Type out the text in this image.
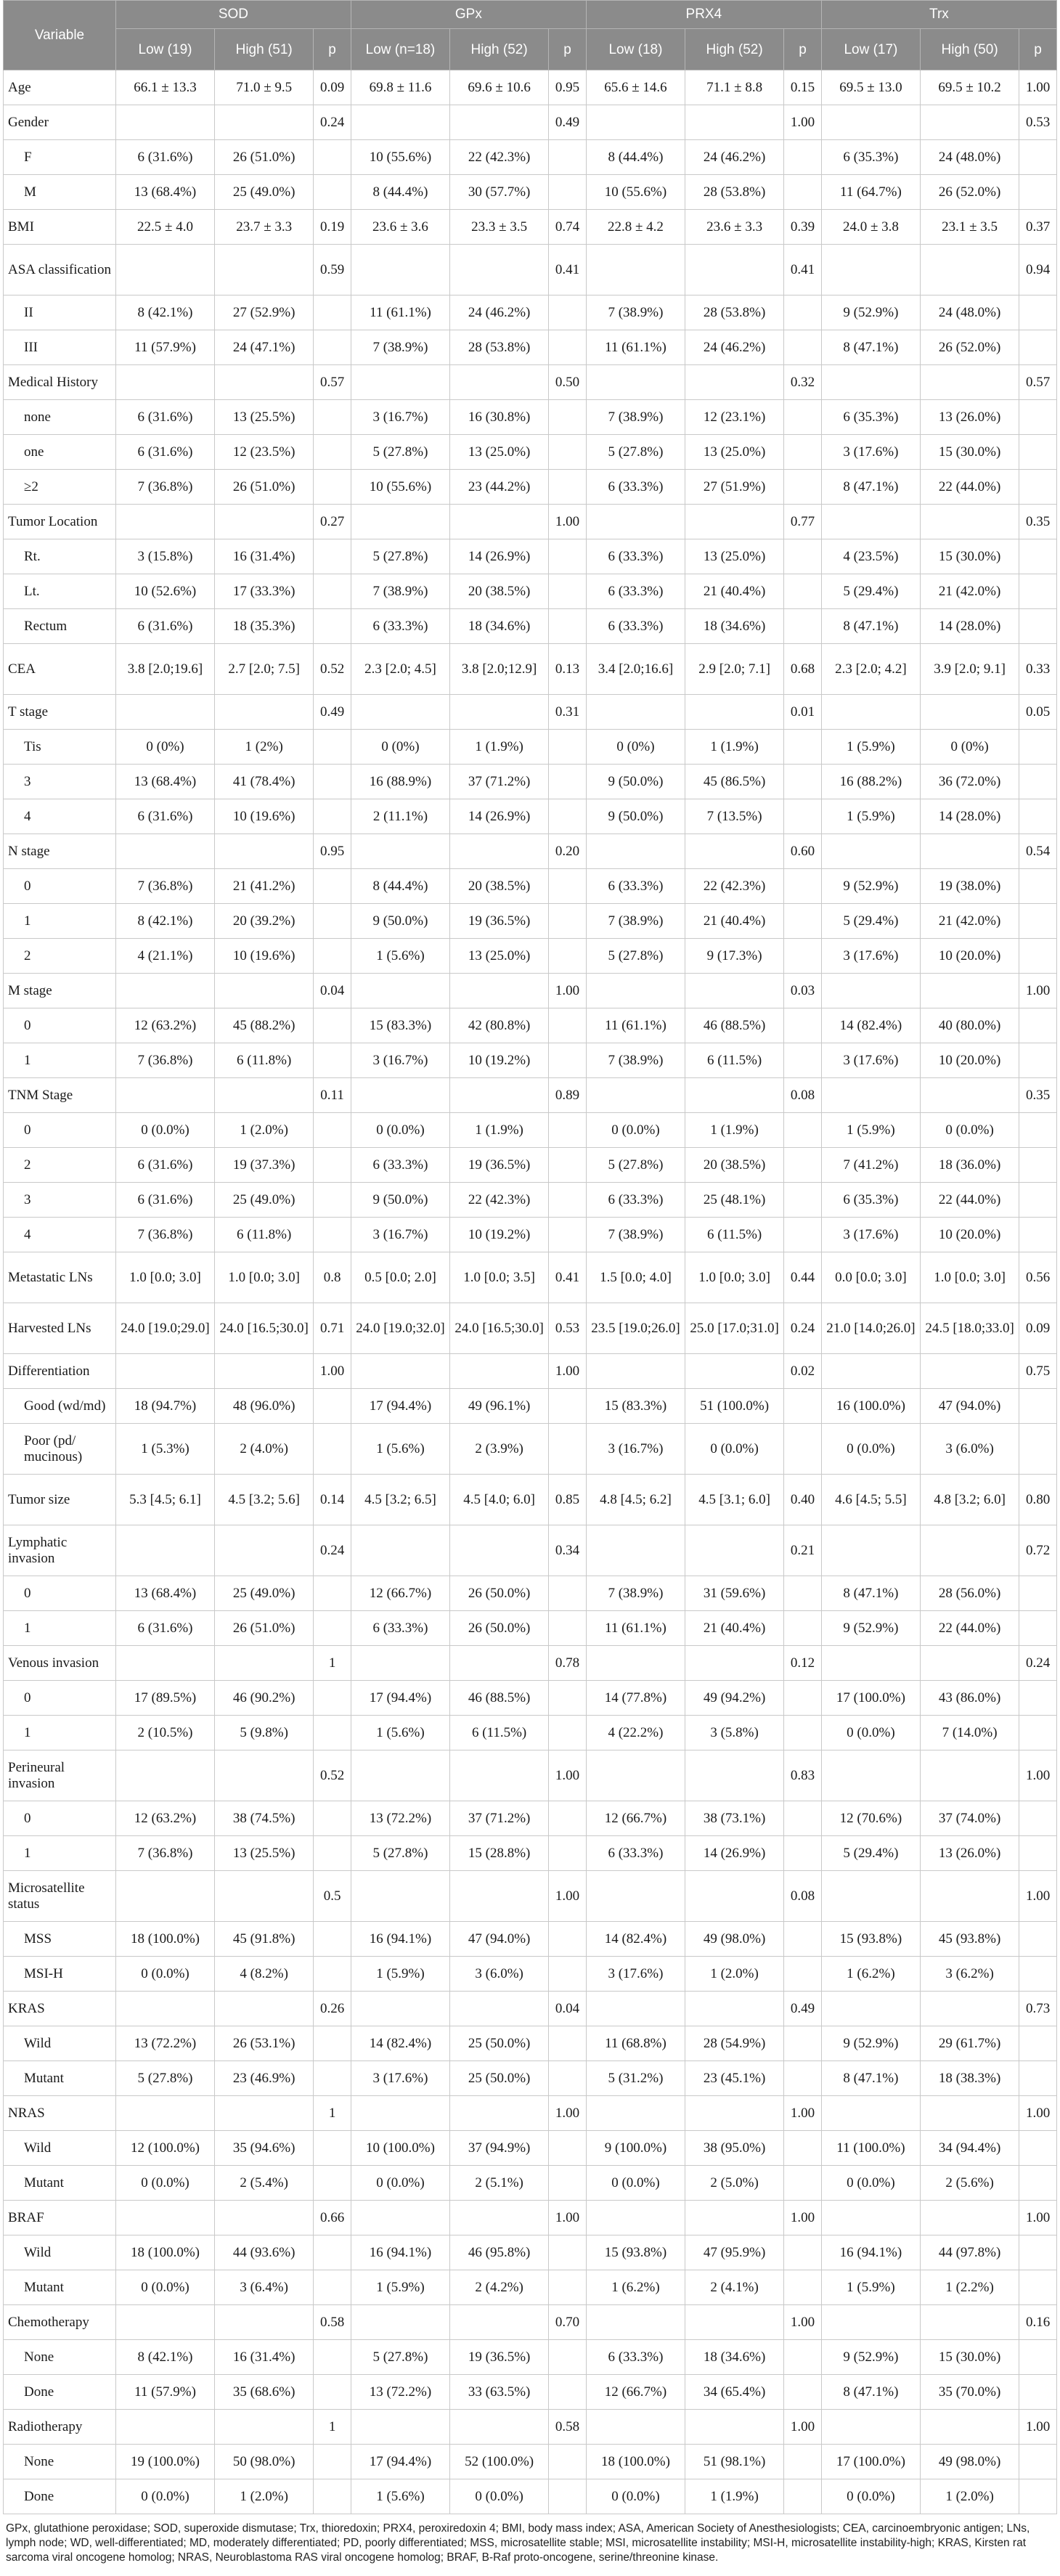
Variable	SOD			GPx			PRX4			Trx		
	Low (19)	High (51)	p	Low (n=18)	High (52)	p	Low (18)	High (52)	p	Low (17)	High (50)	p
Age	66.1 ± 13.3	71.0 ± 9.5	0.09	69.8 ± 11.6	69.6 ± 10.6	0.95	65.6 ± 14.6	71.1 ± 8.8	0.15	69.5 ± 13.0	69.5 ± 10.2	1.00
Gender			0.24			0.49			1.00			0.53
F	6 (31.6%)	26 (51.0%)		10 (55.6%)	22 (42.3%)		8 (44.4%)	24 (46.2%)		6 (35.3%)	24 (48.0%)	
M	13 (68.4%)	25 (49.0%)		8 (44.4%)	30 (57.7%)		10 (55.6%)	28 (53.8%)		11 (64.7%)	26 (52.0%)	
BMI	22.5 ± 4.0	23.7 ± 3.3	0.19	23.6 ± 3.6	23.3 ± 3.5	0.74	22.8 ± 4.2	23.6 ± 3.3	0.39	24.0 ± 3.8	23.1 ± 3.5	0.37
ASA classification			0.59			0.41			0.41			0.94
II	8 (42.1%)	27 (52.9%)		11 (61.1%)	24 (46.2%)		7 (38.9%)	28 (53.8%)		9 (52.9%)	24 (48.0%)	
III	11 (57.9%)	24 (47.1%)		7 (38.9%)	28 (53.8%)		11 (61.1%)	24 (46.2%)		8 (47.1%)	26 (52.0%)	
Medical History			0.57			0.50			0.32			0.57
none	6 (31.6%)	13 (25.5%)		3 (16.7%)	16 (30.8%)		7 (38.9%)	12 (23.1%)		6 (35.3%)	13 (26.0%)	
one	6 (31.6%)	12 (23.5%)		5 (27.8%)	13 (25.0%)		5 (27.8%)	13 (25.0%)		3 (17.6%)	15 (30.0%)	
≥2	7 (36.8%)	26 (51.0%)		10 (55.6%)	23 (44.2%)		6 (33.3%)	27 (51.9%)		8 (47.1%)	22 (44.0%)	
Tumor Location			0.27			1.00			0.77			0.35
Rt.	3 (15.8%)	16 (31.4%)		5 (27.8%)	14 (26.9%)		6 (33.3%)	13 (25.0%)		4 (23.5%)	15 (30.0%)	
Lt.	10 (52.6%)	17 (33.3%)		7 (38.9%)	20 (38.5%)		6 (33.3%)	21 (40.4%)		5 (29.4%)	21 (42.0%)	
Rectum	6 (31.6%)	18 (35.3%)		6 (33.3%)	18 (34.6%)		6 (33.3%)	18 (34.6%)		8 (47.1%)	14 (28.0%)	
CEA	3.8 [2.0;19.6]	2.7 [2.0; 7.5]	0.52	2.3 [2.0; 4.5]	3.8 [2.0;12.9]	0.13	3.4 [2.0;16.6]	2.9 [2.0; 7.1]	0.68	2.3 [2.0; 4.2]	3.9 [2.0; 9.1]	0.33
T stage			0.49			0.31			0.01			0.05
Tis	0 (0%)	1 (2%)		0 (0%)	1 (1.9%)		0 (0%)	1 (1.9%)		1 (5.9%)	0 (0%)	
3	13 (68.4%)	41 (78.4%)		16 (88.9%)	37 (71.2%)		9 (50.0%)	45 (86.5%)		16 (88.2%)	36 (72.0%)	
4	6 (31.6%)	10 (19.6%)		2 (11.1%)	14 (26.9%)		9 (50.0%)	7 (13.5%)		1 (5.9%)	14 (28.0%)	
N stage			0.95			0.20			0.60			0.54
0	7 (36.8%)	21 (41.2%)		8 (44.4%)	20 (38.5%)		6 (33.3%)	22 (42.3%)		9 (52.9%)	19 (38.0%)	
1	8 (42.1%)	20 (39.2%)		9 (50.0%)	19 (36.5%)		7 (38.9%)	21 (40.4%)		5 (29.4%)	21 (42.0%)	
2	4 (21.1%)	10 (19.6%)		1 (5.6%)	13 (25.0%)		5 (27.8%)	9 (17.3%)		3 (17.6%)	10 (20.0%)	
M stage			0.04			1.00			0.03			1.00
0	12 (63.2%)	45 (88.2%)		15 (83.3%)	42 (80.8%)		11 (61.1%)	46 (88.5%)		14 (82.4%)	40 (80.0%)	
1	7 (36.8%)	6 (11.8%)		3 (16.7%)	10 (19.2%)		7 (38.9%)	6 (11.5%)		3 (17.6%)	10 (20.0%)	
TNM Stage			0.11			0.89			0.08			0.35
0	0 (0.0%)	1 (2.0%)		0 (0.0%)	1 (1.9%)		0 (0.0%)	1 (1.9%)		1 (5.9%)	0 (0.0%)	
2	6 (31.6%)	19 (37.3%)		6 (33.3%)	19 (36.5%)		5 (27.8%)	20 (38.5%)		7 (41.2%)	18 (36.0%)	
3	6 (31.6%)	25 (49.0%)		9 (50.0%)	22 (42.3%)		6 (33.3%)	25 (48.1%)		6 (35.3%)	22 (44.0%)	
4	7 (36.8%)	6 (11.8%)		3 (16.7%)	10 (19.2%)		7 (38.9%)	6 (11.5%)		3 (17.6%)	10 (20.0%)	
Metastatic LNs	1.0 [0.0; 3.0]	1.0 [0.0; 3.0]	0.8	0.5 [0.0; 2.0]	1.0 [0.0; 3.5]	0.41	1.5 [0.0; 4.0]	1.0 [0.0; 3.0]	0.44	0.0 [0.0; 3.0]	1.0 [0.0; 3.0]	0.56
Harvested LNs	24.0 [19.0;29.0]	24.0 [16.5;30.0]	0.71	24.0 [19.0;32.0]	24.0 [16.5;30.0]	0.53	23.5 [19.0;26.0]	25.0 [17.0;31.0]	0.24	21.0 [14.0;26.0]	24.5 [18.0;33.0]	0.09
Differentiation			1.00			1.00			0.02			0.75
Good (wd/md)	18 (94.7%)	48 (96.0%)		17 (94.4%)	49 (96.1%)		15 (83.3%)	51 (100.0%)		16 (100.0%)	47 (94.0%)	
Poor (pd/ mucinous)	1 (5.3%)	2 (4.0%)		1 (5.6%)	2 (3.9%)		3 (16.7%)	0 (0.0%)		0 (0.0%)	3 (6.0%)	
Tumor size	5.3 [4.5; 6.1]	4.5 [3.2; 5.6]	0.14	4.5 [3.2; 6.5]	4.5 [4.0; 6.0]	0.85	4.8 [4.5; 6.2]	4.5 [3.1; 6.0]	0.40	4.6 [4.5; 5.5]	4.8 [3.2; 6.0]	0.80
Lymphatic invasion			0.24			0.34			0.21			0.72
0	13 (68.4%)	25 (49.0%)		12 (66.7%)	26 (50.0%)		7 (38.9%)	31 (59.6%)		8 (47.1%)	28 (56.0%)	
1	6 (31.6%)	26 (51.0%)		6 (33.3%)	26 (50.0%)		11 (61.1%)	21 (40.4%)		9 (52.9%)	22 (44.0%)	
Venous invasion			1			0.78			0.12			0.24
0	17 (89.5%)	46 (90.2%)		17 (94.4%)	46 (88.5%)		14 (77.8%)	49 (94.2%)		17 (100.0%)	43 (86.0%)	
1	2 (10.5%)	5 (9.8%)		1 (5.6%)	6 (11.5%)		4 (22.2%)	3 (5.8%)		0 (0.0%)	7 (14.0%)	
Perineural invasion			0.52			1.00			0.83			1.00
0	12 (63.2%)	38 (74.5%)		13 (72.2%)	37 (71.2%)		12 (66.7%)	38 (73.1%)		12 (70.6%)	37 (74.0%)	
1	7 (36.8%)	13 (25.5%)		5 (27.8%)	15 (28.8%)		6 (33.3%)	14 (26.9%)		5 (29.4%)	13 (26.0%)	
Microsatellite status			0.5			1.00			0.08			1.00
MSS	18 (100.0%)	45 (91.8%)		16 (94.1%)	47 (94.0%)		14 (82.4%)	49 (98.0%)		15 (93.8%)	45 (93.8%)	
MSI-H	0 (0.0%)	4 (8.2%)		1 (5.9%)	3 (6.0%)		3 (17.6%)	1 (2.0%)		1 (6.2%)	3 (6.2%)	
KRAS			0.26			0.04			0.49			0.73
Wild	13 (72.2%)	26 (53.1%)		14 (82.4%)	25 (50.0%)		11 (68.8%)	28 (54.9%)		9 (52.9%)	29 (61.7%)	
Mutant	5 (27.8%)	23 (46.9%)		3 (17.6%)	25 (50.0%)		5 (31.2%)	23 (45.1%)		8 (47.1%)	18 (38.3%)	
NRAS			1			1.00			1.00			1.00
Wild	12 (100.0%)	35 (94.6%)		10 (100.0%)	37 (94.9%)		9 (100.0%)	38 (95.0%)		11 (100.0%)	34 (94.4%)	
Mutant	0 (0.0%)	2 (5.4%)		0 (0.0%)	2 (5.1%)		0 (0.0%)	2 (5.0%)		0 (0.0%)	2 (5.6%)	
BRAF			0.66			1.00			1.00			1.00
Wild	18 (100.0%)	44 (93.6%)		16 (94.1%)	46 (95.8%)		15 (93.8%)	47 (95.9%)		16 (94.1%)	44 (97.8%)	
Mutant	0 (0.0%)	3 (6.4%)		1 (5.9%)	2 (4.2%)		1 (6.2%)	2 (4.1%)		1 (5.9%)	1 (2.2%)	
Chemotherapy			0.58			0.70			1.00			0.16
None	8 (42.1%)	16 (31.4%)		5 (27.8%)	19 (36.5%)		6 (33.3%)	18 (34.6%)		9 (52.9%)	15 (30.0%)	
Done	11 (57.9%)	35 (68.6%)		13 (72.2%)	33 (63.5%)		12 (66.7%)	34 (65.4%)		8 (47.1%)	35 (70.0%)	
Radiotherapy			1			0.58			1.00			1.00
None	19 (100.0%)	50 (98.0%)		17 (94.4%)	52 (100.0%)		18 (100.0%)	51 (98.1%)		17 (100.0%)	49 (98.0%)	
Done	0 (0.0%)	1 (2.0%)		1 (5.6%)	0 (0.0%)		0 (0.0%)	1 (1.9%)		0 (0.0%)	1 (2.0%)	
GPx, glutathione peroxidase; SOD, superoxide dismutase; Trx, thioredoxin; PRX4, peroxiredoxin 4; BMI, body mass index; ASA, American Society of Anesthesiologists; CEA, carcinoembryonic antigen; LNs, lymph node; WD, well-differentiated; MD, moderately differentiated; PD, poorly differentiated; MSS, microsatellite stable; MSI, microsatellite instability; MSI-H, microsatellite instability-high; KRAS, Kirsten rat sarcoma viral oncogene homolog; NRAS, Neuroblastoma RAS viral oncogene homolog; BRAF, B-Raf proto-oncogene, serine/threonine kinase.
